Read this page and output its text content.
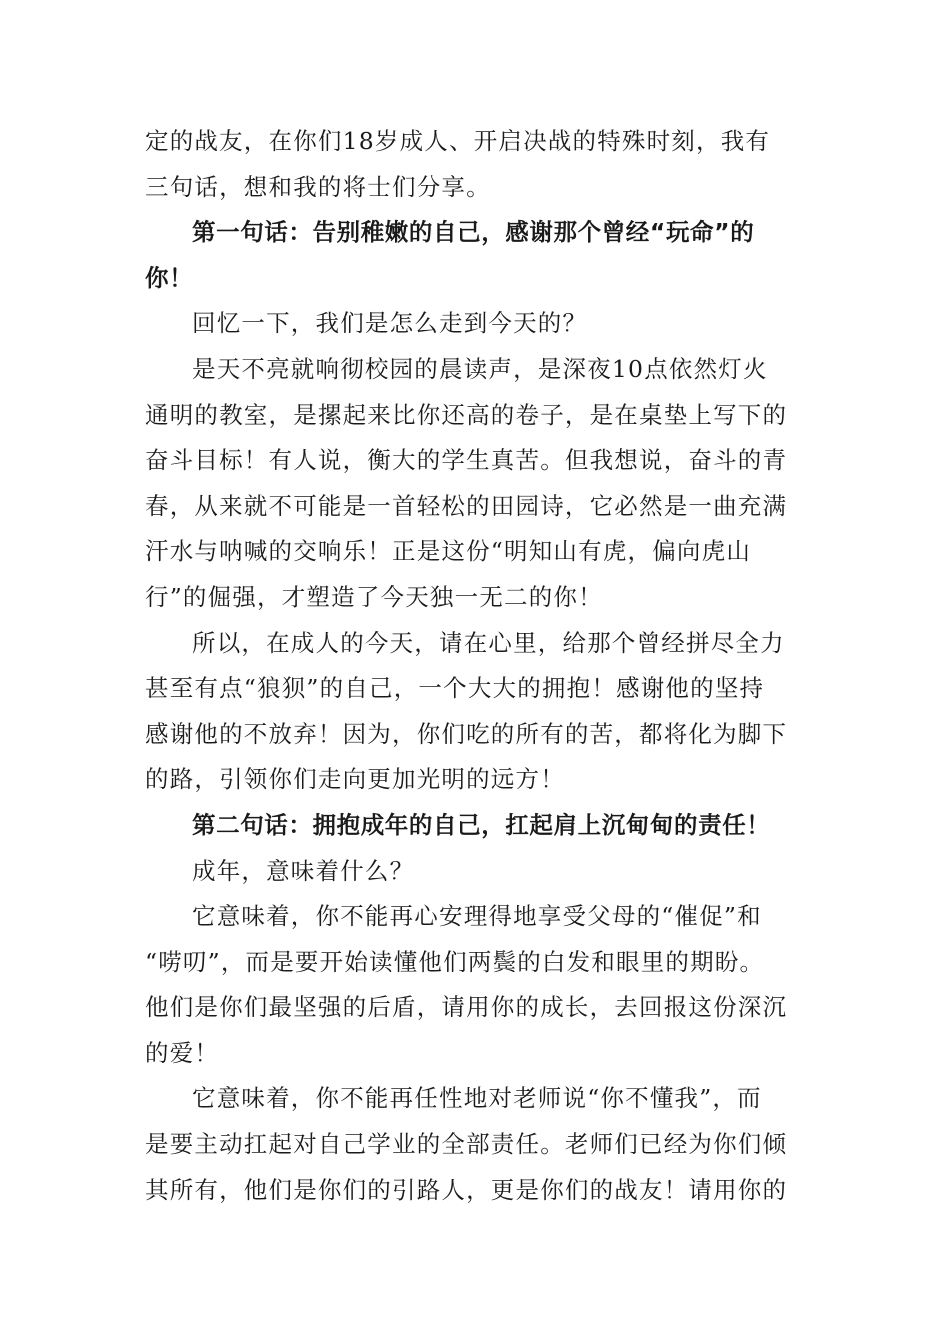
定的战友，在你们18岁成人、开启决战的特殊时刻，我有
三句话，想和我的将士们分享。

第一句话：告别稚嫩的自己，感谢那个曾经“玩命”的
你！

回忆一下，我们是怎么走到今天的？

是天不亮就响彻校园的晨读声，是深夜10点依然灯火
通明的教室，是摞起来比你还高的卷子，是在桌垫上写下的
奋斗目标！有人说，衡大的学生真苦。但我想说，奋斗的青
春，从来就不可能是一首轻松的田园诗，它必然是一曲充满
汗水与呐喊的交响乐！正是这份“明知山有虎，偏向虎山
行”的倔强，才塑造了今天独一无二的你！

所以，在成人的今天，请在心里，给那个曾经拼尽全力
甚至有点“狼狈”的自己，一个大大的拥抱！感谢他的坚持
感谢他的不放弃！因为，你们吃的所有的苦，都将化为脚下
的路，引领你们走向更加光明的远方！

第二句话：拥抱成年的自己，扛起肩上沉甸甸的责任！

成年，意味着什么？

它意味着，你不能再心安理得地享受父母的“催促”和
“唠叨”，而是要开始读懂他们两鬓的白发和眼里的期盼。
他们是你们最坚强的后盾，请用你的成长，去回报这份深沉
的爱！

它意味着，你不能再任性地对老师说“你不懂我”，而
是要主动扛起对自己学业的全部责任。老师们已经为你们倾
其所有，他们是你们的引路人，更是你们的战友！请用你的
